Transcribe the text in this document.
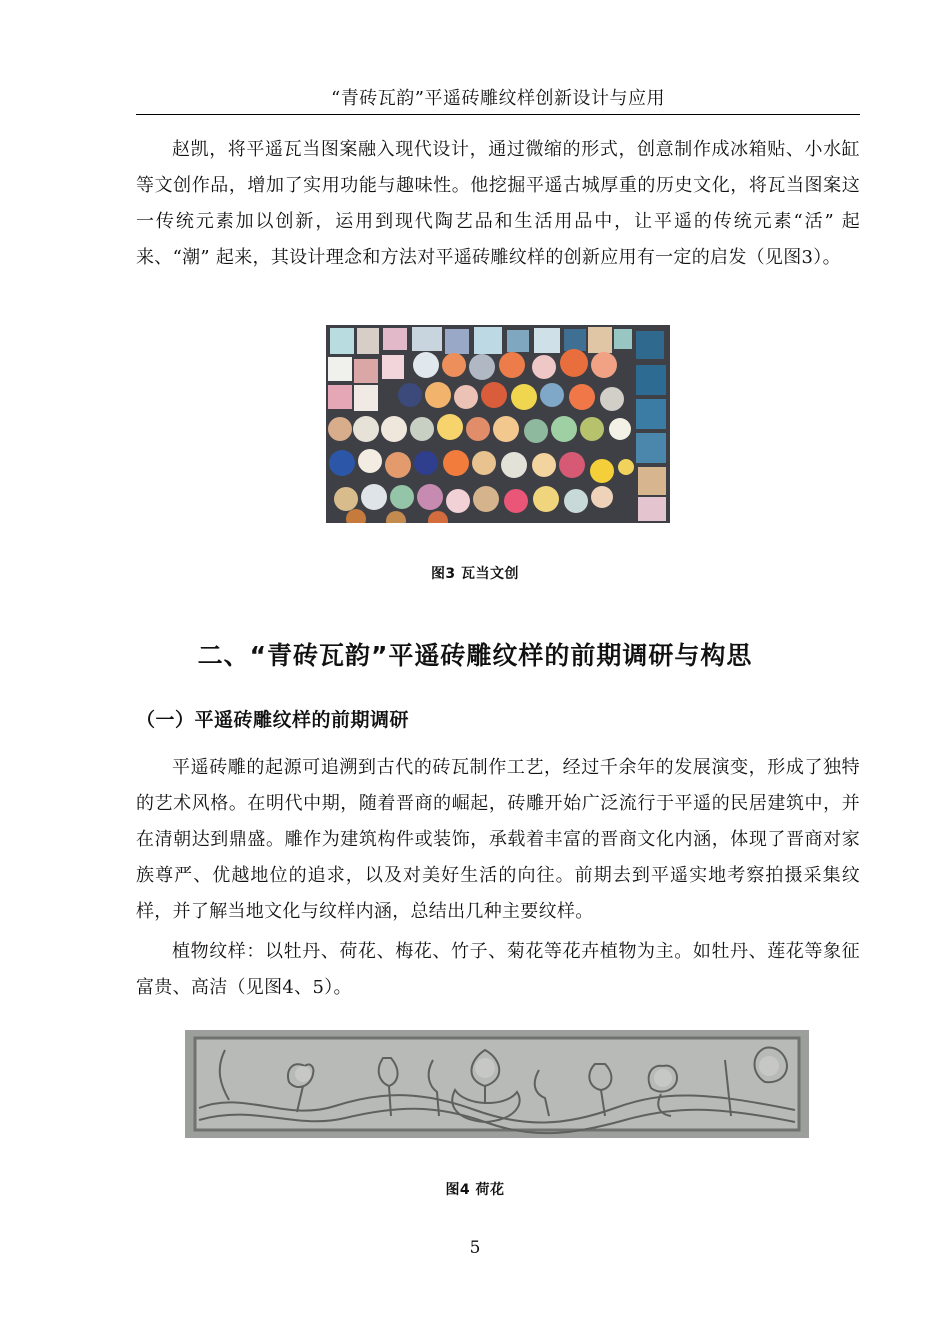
“青砖瓦韵”平遥砖雕纹样创新设计与应用

赵凯，将平遥瓦当图案融入现代设计，通过微缩的形式，创意制作成冰箱贴、小水缸等文创作品，增加了实用功能与趣味性。他挖掘平遥古城厚重的历史文化，将瓦当图案这一传统元素加以创新，运用到现代陶艺品和生活用品中，让平遥的传统元素“活” 起来、“潮” 起来，其设计理念和方法对平遥砖雕纹样的创新应用有一定的启发（见图3）。

图3 瓦当文创
二、“青砖瓦韵”平遥砖雕纹样的前期调研与构思
（一）平遥砖雕纹样的前期调研

平遥砖雕的起源可追溯到古代的砖瓦制作工艺，经过千余年的发展演变，形成了独特的艺术风格。在明代中期，随着晋商的崛起，砖雕开始广泛流行于平遥的民居建筑中，并在清朝达到鼎盛。雕作为建筑构件或装饰，承载着丰富的晋商文化内涵，体现了晋商对家族尊严、优越地位的追求，以及对美好生活的向往。前期去到平遥实地考察拍摄采集纹样，并了解当地文化与纹样内涵，总结出几种主要纹样。

植物纹样：以牡丹、荷花、梅花、竹子、菊花等花卉植物为主。如牡丹、莲花等象征富贵、高洁（见图4、5）。

图4 荷花
5
